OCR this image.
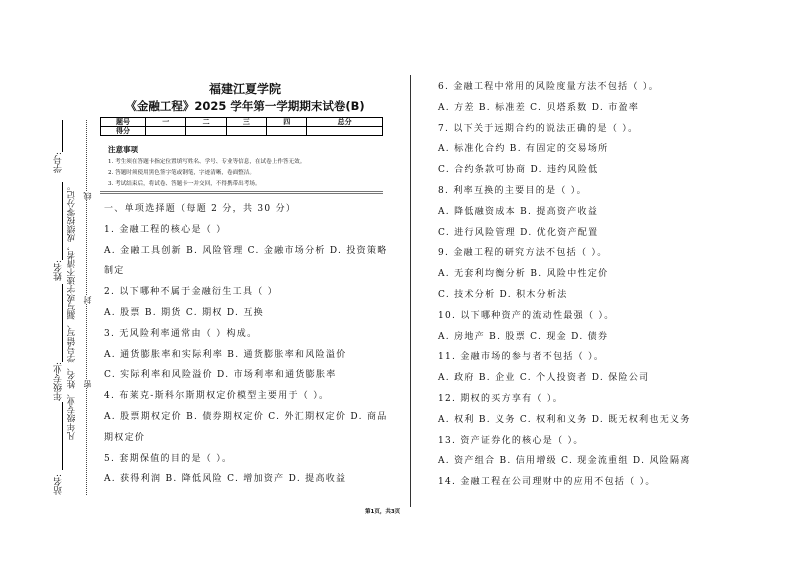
学号:
姓名:
年级专业:
站名:
凡年级专业、姓名、学号错写、漏写或字迹不清者，成绩按零分记。 密
封
线
福建江夏学院
《金融工程》2025 学年第一学期期末试卷(B)
题号	一	二	三	四	总分
得分					
注意事项
1. 考生须在答题卡指定位置填写姓名、学号、专业等信息，在试卷上作答无效。
2. 答题时须使用黑色签字笔或钢笔，字迹清晰，卷面整洁。
3. 考试结束后，将试卷、答题卡一并交回，不得携带出考场。
一、单项选择题（每题 2 分，共 30 分）
1. 金融工程的核心是（ ）
A. 金融工具创新 B. 风险管理 C. 金融市场分析 D. 投资策略
制定
2. 以下哪种不属于金融衍生工具（ ）
A. 股票 B. 期货 C. 期权 D. 互换
3. 无风险利率通常由（ ）构成。
A. 通货膨胀率和实际利率 B. 通货膨胀率和风险溢价
C. 实际利率和风险溢价 D. 市场利率和通货膨胀率
4. 布莱克-斯科尔斯期权定价模型主要用于（ ）。
A. 股票期权定价 B. 债券期权定价 C. 外汇期权定价 D. 商品
期权定价
5. 套期保值的目的是（ ）。
A. 获得利润 B. 降低风险 C. 增加资产 D. 提高收益
6. 金融工程中常用的风险度量方法不包括（ ）。
A. 方差 B. 标准差 C. 贝塔系数 D. 市盈率
7. 以下关于远期合约的说法正确的是（ ）。
A. 标准化合约 B. 有固定的交易场所
C. 合约条款可协商 D. 违约风险低
8. 利率互换的主要目的是（ ）。
A. 降低融资成本 B. 提高资产收益
C. 进行风险管理 D. 优化资产配置
9. 金融工程的研究方法不包括（ ）。
A. 无套利均衡分析 B. 风险中性定价
C. 技术分析 D. 积木分析法
10. 以下哪种资产的流动性最强（ ）。
A. 房地产 B. 股票 C. 现金 D. 债券
11. 金融市场的参与者不包括（ ）。
A. 政府 B. 企业 C. 个人投资者 D. 保险公司
12. 期权的买方享有（ ）。
A. 权利 B. 义务 C. 权利和义务 D. 既无权利也无义务
13. 资产证券化的核心是（ ）。
A. 资产组合 B. 信用增级 C. 现金流重组 D. 风险隔离
14. 金融工程在公司理财中的应用不包括（ ）。
第1页，共3页
